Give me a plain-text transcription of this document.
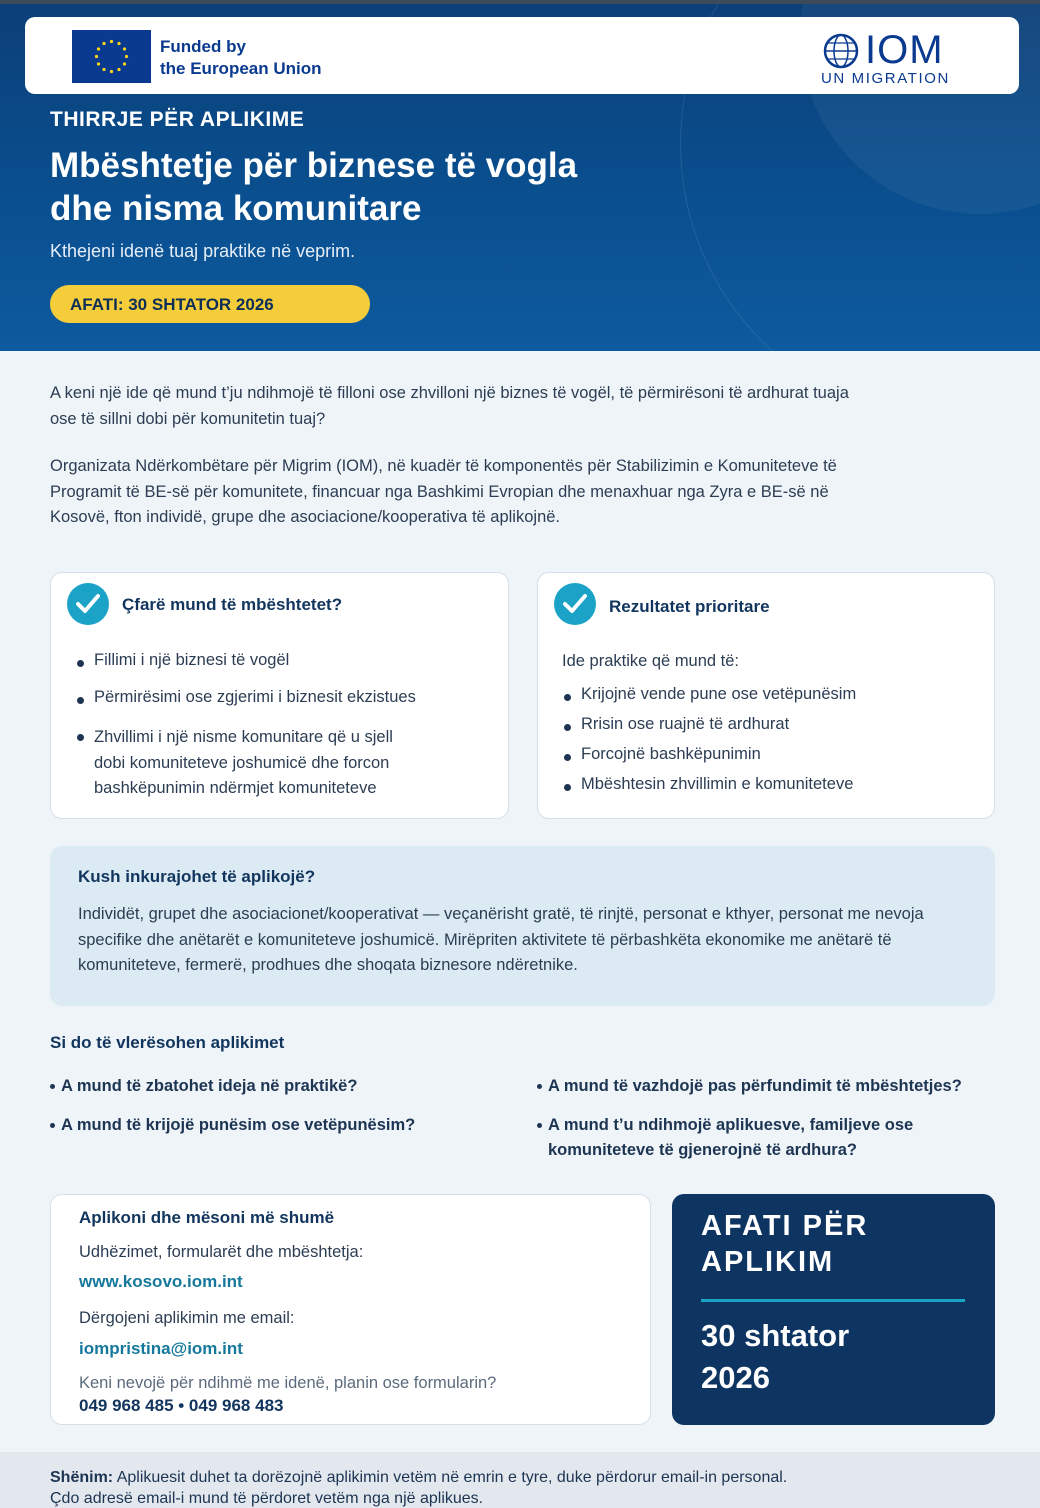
Funded by
the European Union	IOM
UN MIGRATION
THIRRJE PËR APLIKIME
Mbështetje për biznese të vogla
dhe nisma komunitare

Kthejeni idenë tuaj praktike në veprim.

AFATI: 30 SHTATOR 2026

A keni një ide që mund t’ju ndihmojë të filloni ose zhvilloni një biznes të vogël, të përmirësoni të ardhurat tuaja ose të sillni dobi për komunitetin tuaj?

Organizata Ndërkombëtare për Migrim (IOM), në kuadër të komponentës për Stabilizimin e Komuniteteve të Programit të BE-së për komunitete, financuar nga Bashkimi Evropian dhe menaxhuar nga Zyra e BE-së në Kosovë, fton individë, grupe dhe asociacione/kooperativa të aplikojnë.

Çfarë mund të mbështetet?
Fillimi i një biznesi të vogël
Përmirësimi ose zgjerimi i biznesit ekzistues
Zhvillimi i një nisme komunitare që u sjell dobi komuniteteve joshumicë dhe forcon bashkëpunimin ndërmjet komuniteteve
Rezultatet prioritare
Ide praktike që mund të:
Krijojnë vende pune ose vetëpunësim
Rrisin ose ruajnë të ardhurat
Forcojnë bashkëpunimin
Mbështesin zhvillimin e komuniteteve
Kush inkurajohet të aplikojë?

Individët, grupet dhe asociacionet/kooperativat — veçanërisht gratë, të rinjtë, personat e kthyer, personat me nevoja specifike dhe anëtarët e komuniteteve joshumicë. Mirëpriten aktivitete të përbashkëta ekonomike me anëtarë të komuniteteve, fermerë, prodhues dhe shoqata biznesore ndëretnike.

Si do të vlerësohen aplikimet
A mund të zbatohet ideja në praktikë?
A mund të krijojë punësim ose vetëpunësim?
A mund të vazhdojë pas përfundimit të mbështetjes?
A mund t’u ndihmojë aplikuesve, familjeve ose komuniteteve të gjenerojnë të ardhura?
Aplikoni dhe mësoni më shumë
Udhëzimet, formularët dhe mbështetja:
www.kosovo.iom.int
Dërgojeni aplikimin me email:
iompristina@iom.int
Keni nevojë për ndihmë me idenë, planin ose formularin?
049 968 485 • 049 968 483
AFATI PËR
APLIKIM
30 shtator
2026

Shënim: Aplikuesit duhet ta dorëzojnë aplikimin vetëm në emrin e tyre, duke përdorur email-in personal.
Çdo adresë email-i mund të përdoret vetëm nga një aplikues.
